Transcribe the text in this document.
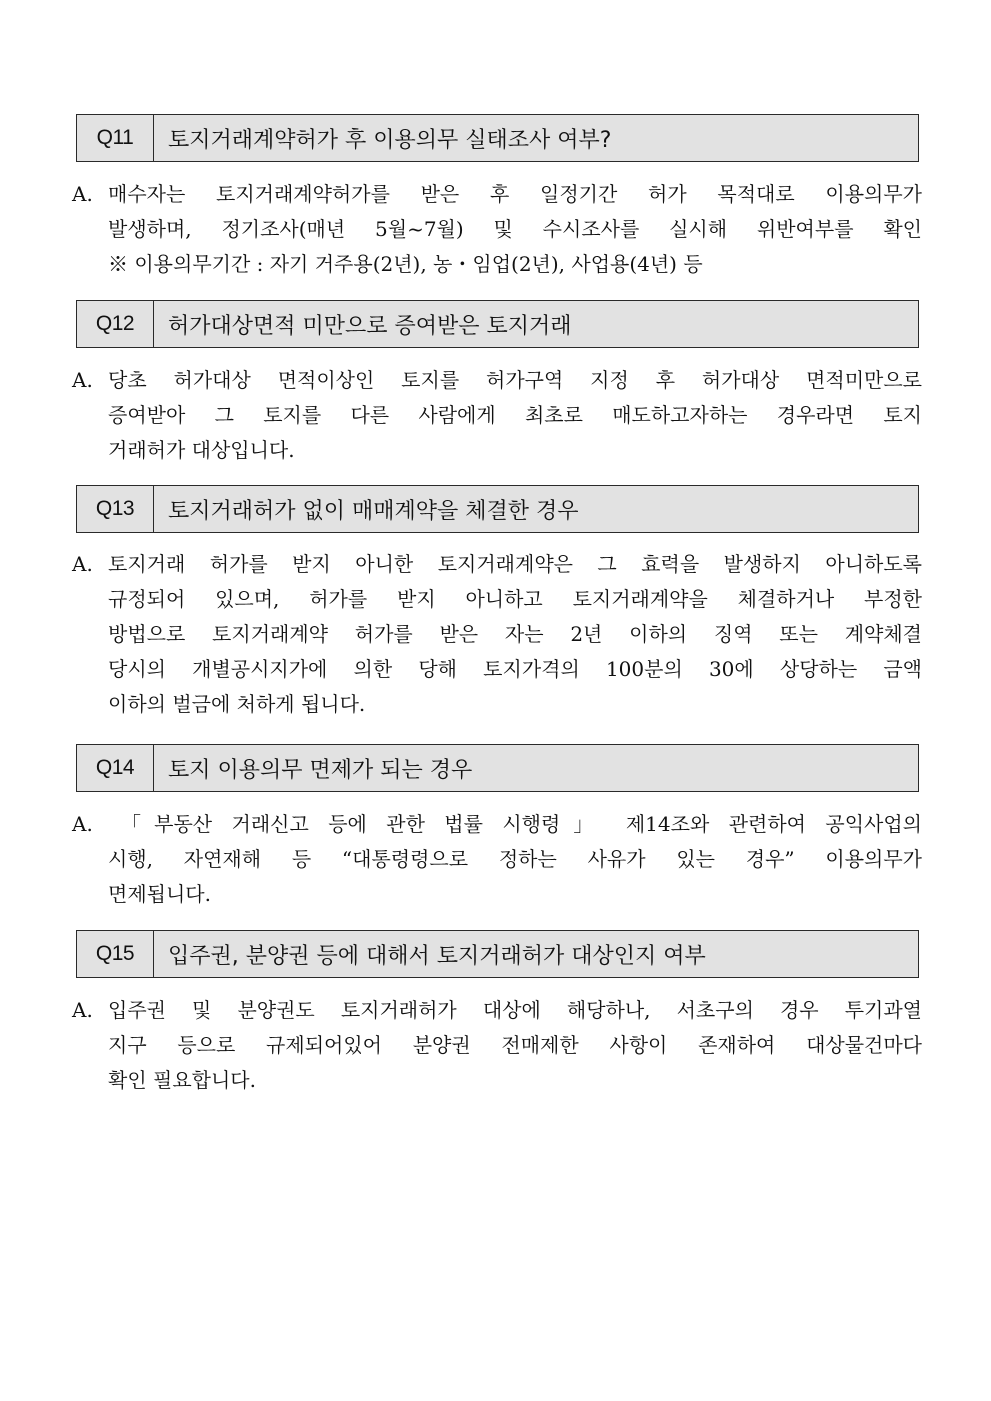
Q11	토지거래계약허가 후 이용의무 실태조사 여부?
A. 매수자는 토지거래계약허가를 받은 후 일정기간 허가 목적대로 이용의무가
발생하며, 정기조사(매년 5월~7월) 및 수시조사를 실시해 위반여부를 확인
※ 이용의무기간 : 자기 거주용(2년), 농・임업(2년), 사업용(4년) 등
Q12	허가대상면적 미만으로 증여받은 토지거래
A. 당초 허가대상 면적이상인 토지를 허가구역 지정 후 허가대상 면적미만으로
증여받아 그 토지를 다른 사람에게 최초로 매도하고자하는 경우라면 토지
거래허가 대상입니다.
Q13	토지거래허가 없이 매매계약을 체결한 경우
A. 토지거래 허가를 받지 아니한 토지거래계약은 그 효력을 발생하지 아니하도록
규정되어 있으며, 허가를 받지 아니하고 토지거래계약을 체결하거나 부정한
방법으로 토지거래계약 허가를 받은 자는 2년 이하의 징역 또는 계약체결
당시의 개별공시지가에 의한 당해 토지가격의 100분의 30에 상당하는 금액
이하의 벌금에 처하게 됩니다.
Q14	토지 이용의무 면제가 되는 경우
A. 「부동산 거래신고 등에 관한 법률 시행령」 제14조와 관련하여 공익사업의
시행, 자연재해 등 “대통령령으로 정하는 사유가 있는 경우” 이용의무가
면제됩니다.
Q15	입주권, 분양권 등에 대해서 토지거래허가 대상인지 여부
A. 입주권 및 분양권도 토지거래허가 대상에 해당하나, 서초구의 경우 투기과열
지구 등으로 규제되어있어 분양권 전매제한 사항이 존재하여 대상물건마다
확인 필요합니다.
